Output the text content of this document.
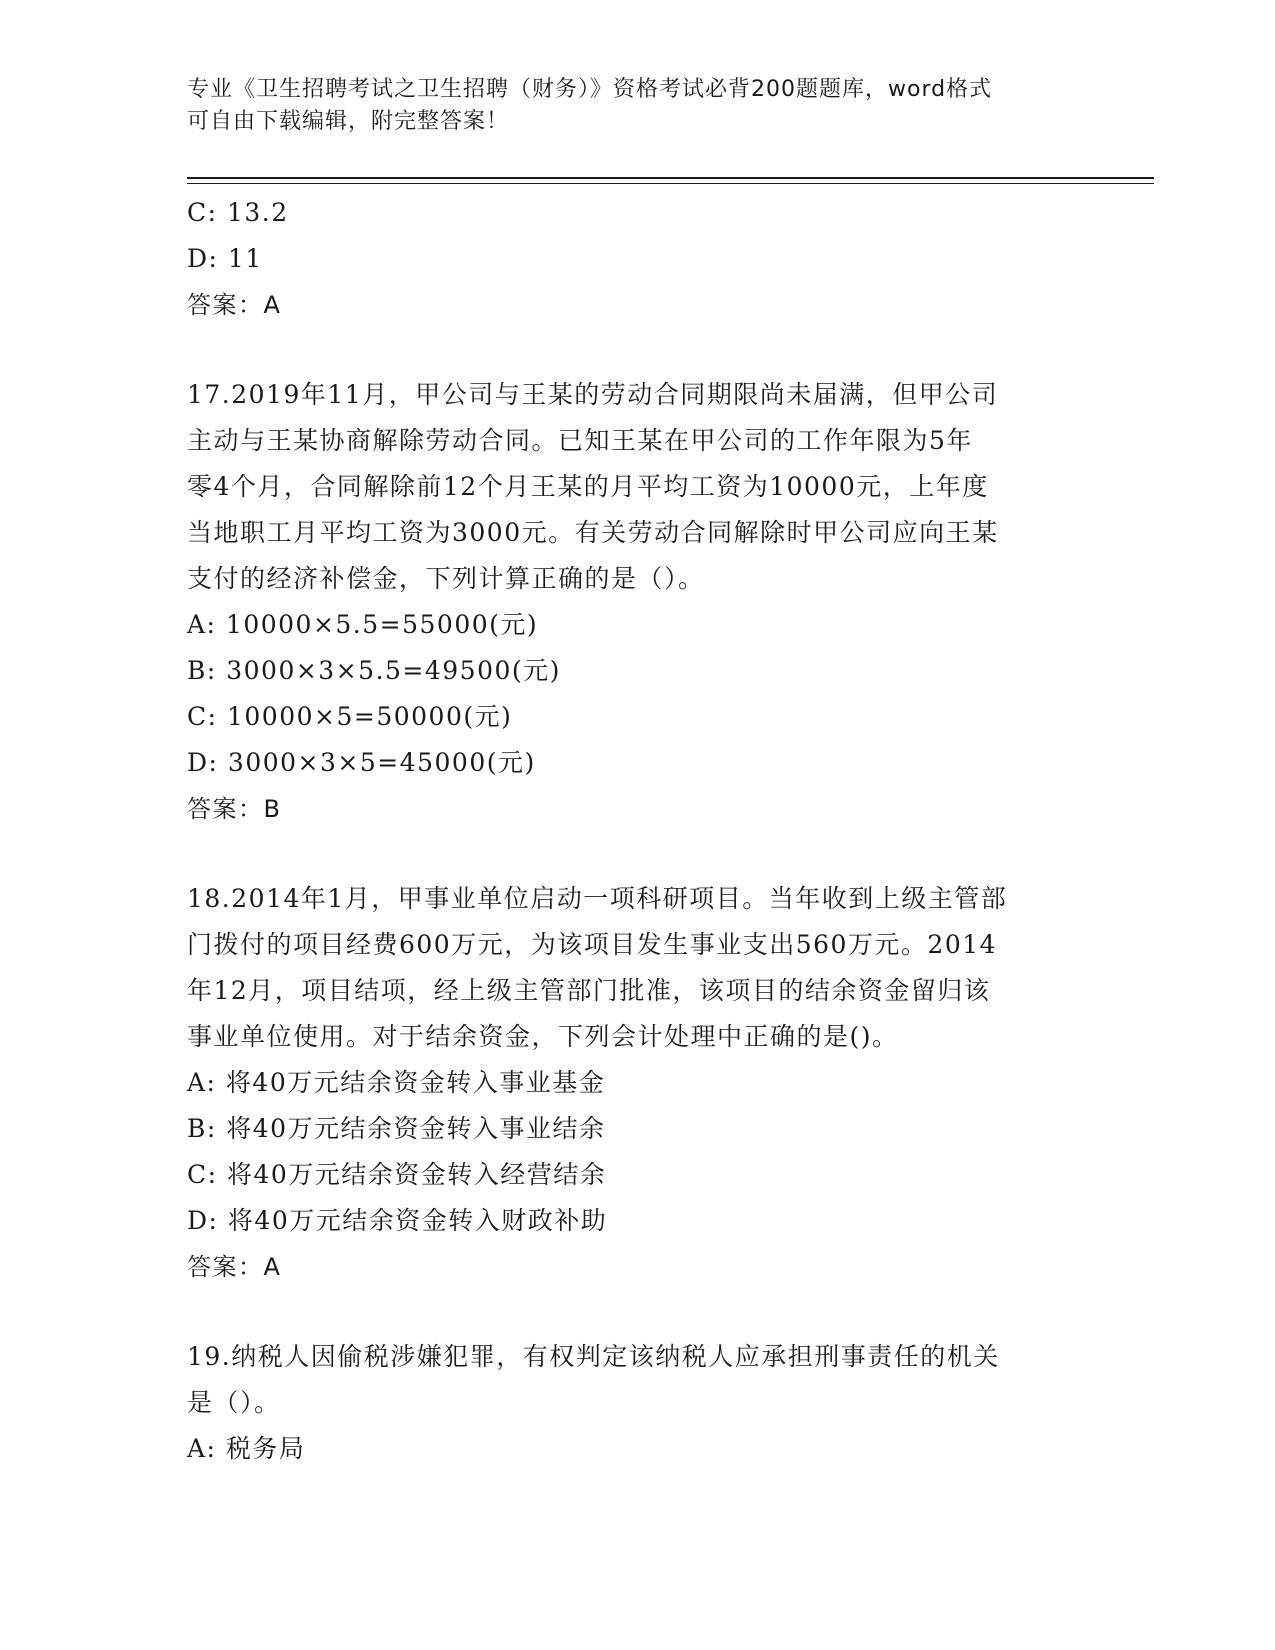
专业《卫生招聘考试之卫生招聘（财务）》资格考试必背200题题库，word格式
可自由下载编辑，附完整答案！
C: 13.2
D: 11
答案：A
17.2019年11月，甲公司与王某的劳动合同期限尚未届满，但甲公司
主动与王某协商解除劳动合同。已知王某在甲公司的工作年限为5年
零4个月，合同解除前12个月王某的月平均工资为10000元，上年度
当地职工月平均工资为3000元。有关劳动合同解除时甲公司应向王某
支付的经济补偿金，下列计算正确的是（）。
A: 10000×5.5=55000(元)
B: 3000×3×5.5=49500(元)
C: 10000×5=50000(元)
D: 3000×3×5=45000(元)
答案：B
18.2014年1月，甲事业单位启动一项科研项目。当年收到上级主管部
门拨付的项目经费600万元，为该项目发生事业支出560万元。2014
年12月，项目结项，经上级主管部门批准，该项目的结余资金留归该
事业单位使用。对于结余资金，下列会计处理中正确的是()。
A: 将40万元结余资金转入事业基金
B: 将40万元结余资金转入事业结余
C: 将40万元结余资金转入经营结余
D: 将40万元结余资金转入财政补助
答案：A
19.纳税人因偷税涉嫌犯罪，有权判定该纳税人应承担刑事责任的机关
是（）。
A: 税务局
